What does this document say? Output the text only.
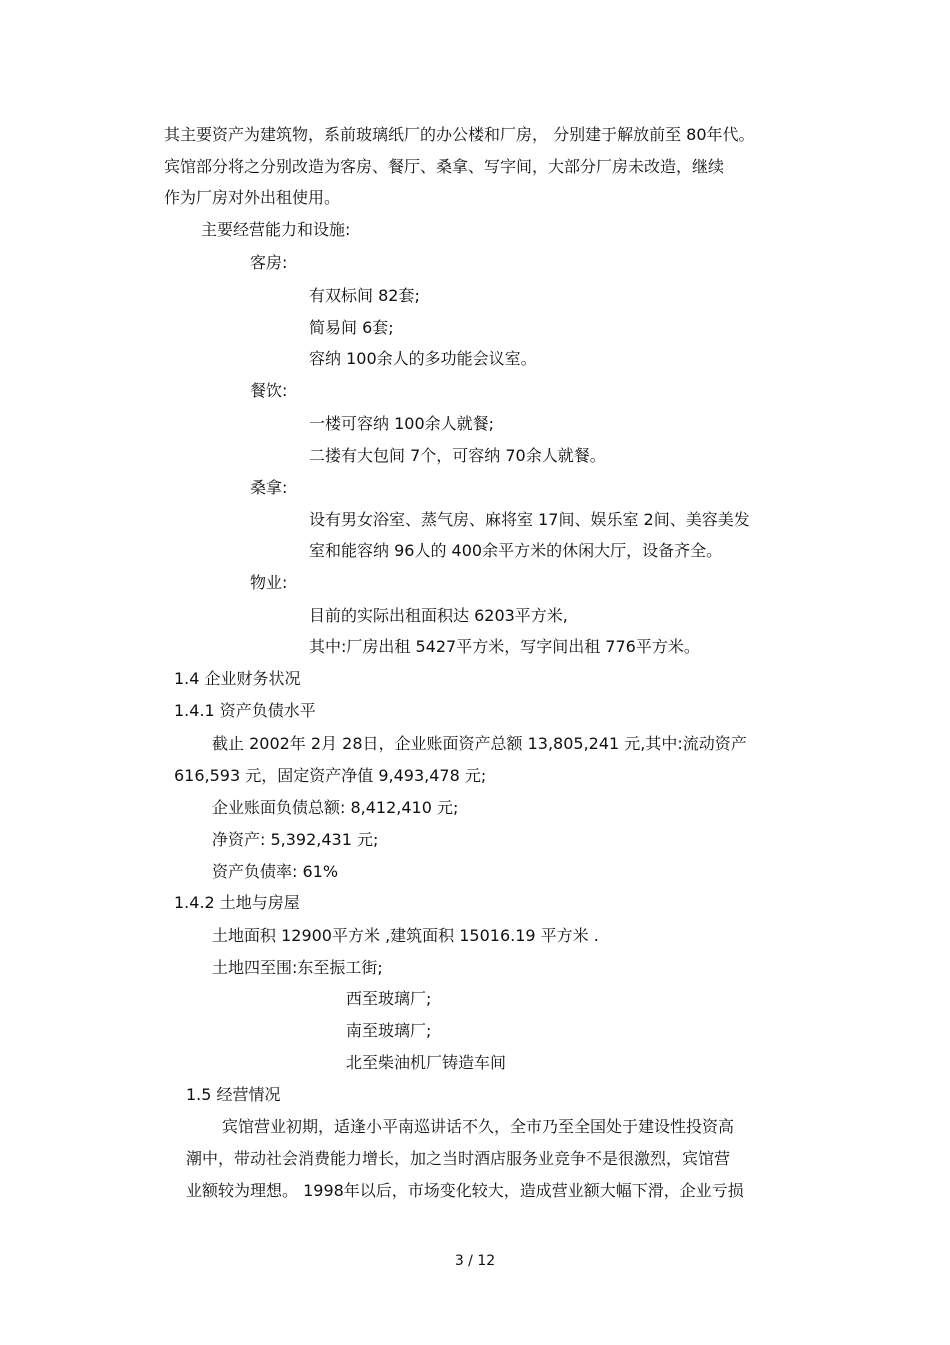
其主要资产为建筑物，系前玻璃纸厂的办公楼和厂房， 分别建于解放前至 80年代。
宾馆部分将之分别改造为客房、餐厅、桑拿、写字间，大部分厂房未改造，继续
作为厂房对外出租使用。
主要经营能力和设施:
客房:
有双标间 82套;
简易间 6套;
容纳 100余人的多功能会议室。
餐饮:
一楼可容纳 100余人就餐;
二搂有大包间 7个，可容纳 70余人就餐。
桑拿:
设有男女浴室、蒸气房、麻将室 17间、娱乐室 2间、美容美发
室和能容纳 96人的 400余平方米的休闲大厅，设备齐全。
物业:
目前的实际出租面积达 6203平方米,
其中:厂房出租 5427平方米，写字间出租 776平方米。
1.4 企业财务状况
1.4.1 资产负债水平
截止 2002年 2月 28日，企业账面资产总额 13,805,241 元,其中:流动资产
616,593 元，固定资产净值 9,493,478 元;
企业账面负债总额: 8,412,410 元;
净资产: 5,392,431 元;
资产负债率: 61%
1.4.2 土地与房屋
土地面积 12900平方米 ,建筑面积 15016.19 平方米 .
土地四至围:东至振工街;
西至玻璃厂;
南至玻璃厂;
北至柴油机厂铸造车间
1.5 经营情况
宾馆营业初期，适逢小平南巡讲话不久，全市乃至全国处于建设性投资高
潮中，带动社会消费能力增长，加之当时酒店服务业竞争不是很激烈，宾馆营
业额较为理想。 1998年以后，市场变化较大，造成营业额大幅下滑，企业亏损
3 / 12
